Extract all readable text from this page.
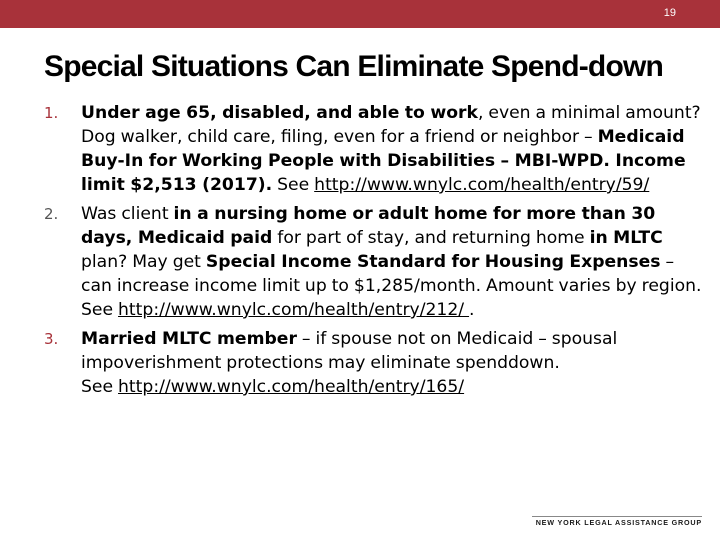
19
Special Situations Can Eliminate Spend-down
1. Under age 65, disabled, and able to work, even a minimal amount? Dog walker, child care, filing, even for a friend or neighbor – Medicaid Buy-In for Working People with Disabilities – MBI-WPD. Income limit $2,513 (2017). See http://www.wnylc.com/health/entry/59/
2. Was client in a nursing home or adult home for more than 30 days, Medicaid paid for part of stay, and returning home in MLTC plan? May get Special Income Standard for Housing Expenses – can increase income limit up to $1,285/month. Amount varies by region.
See http://www.wnylc.com/health/entry/212/ .
3. Married MLTC member – if spouse not on Medicaid – spousal impoverishment protections may eliminate spenddown.
See http://www.wnylc.com/health/entry/165/
NEW YORK LEGAL ASSISTANCE GROUP
